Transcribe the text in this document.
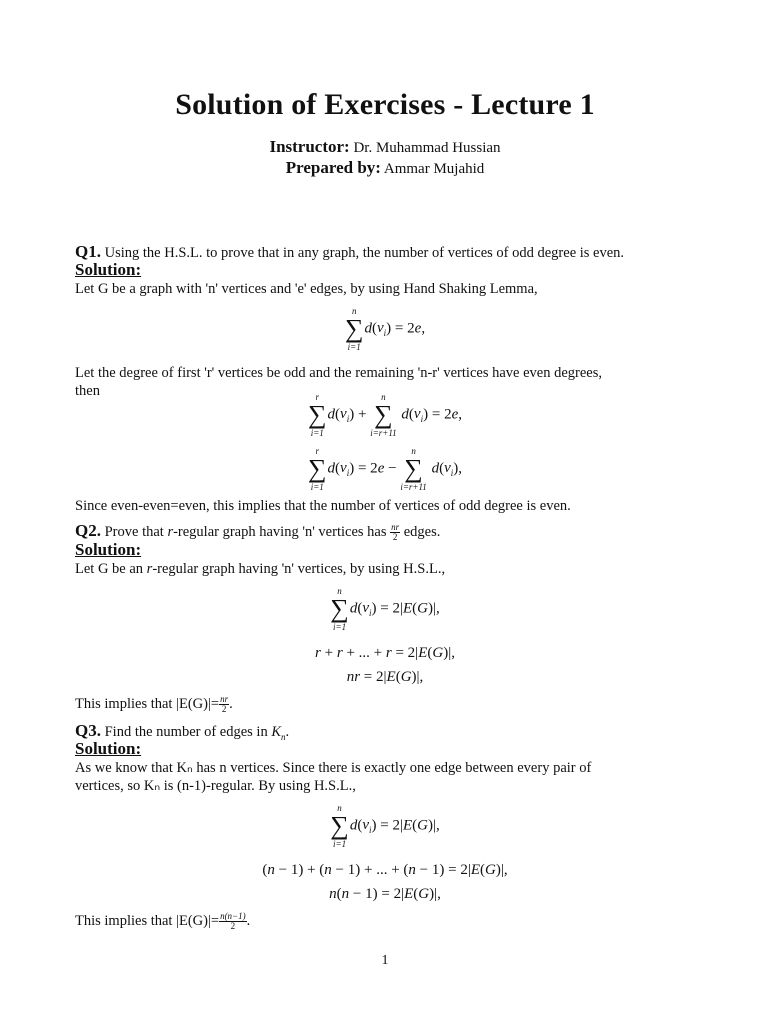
Solution of Exercises - Lecture 1
Instructor: Dr. Muhammad Hussian
Prepared by: Ammar Mujahid
Q1. Using the H.S.L. to prove that in any graph, the number of vertices of odd degree is even.
Solution:
Let G be a graph with 'n' vertices and 'e' edges, by using Hand Shaking Lemma,
n
∑
i=1
$d(v_i) = 2e$,
Let the degree of first 'r' vertices be odd and the remaining 'n-r' vertices have even degrees,
then	r
∑
i=1
$d(v_i)$ +
n
∑
i=r+11
$d(v_i) = 2e$,
r
∑
i=1
$d(v_i) = 2e$ −
n
∑
i=r+11
$d(v_i)$,
Since even-even=even, this implies that the number of vertices of odd degree is even.
Q2. Prove that r-regular graph having 'n' vertices has $\frac{nr}{2}$ edges.
Solution:
Let G be an r-regular graph having 'n' vertices, by using H.S.L.,
n
∑
i=1
$d(v_i) = 2|E(G)|$,
r + r + ... + r = 2|E(G)|,
nr = 2|E(G)|,
This implies that $|E(G)|= \frac{nr}{2}$ .
Q3. Find the number of edges in $K_n$.
Solution:
As we know that Kₙ has n vertices. Since there is exactly one edge between every pair of
vertices, so Kₙ is (n-1)-regular. By using H.S.L.,
n
∑
i=1
$d(v_i) = 2|E(G)|$,
(n − 1) + (n − 1) + ... + (n − 1) = 2|E(G)|,
n(n − 1) = 2|E(G)|,
This implies that $|E(G)|= \frac{n(n-1)}{2}$ .
1
